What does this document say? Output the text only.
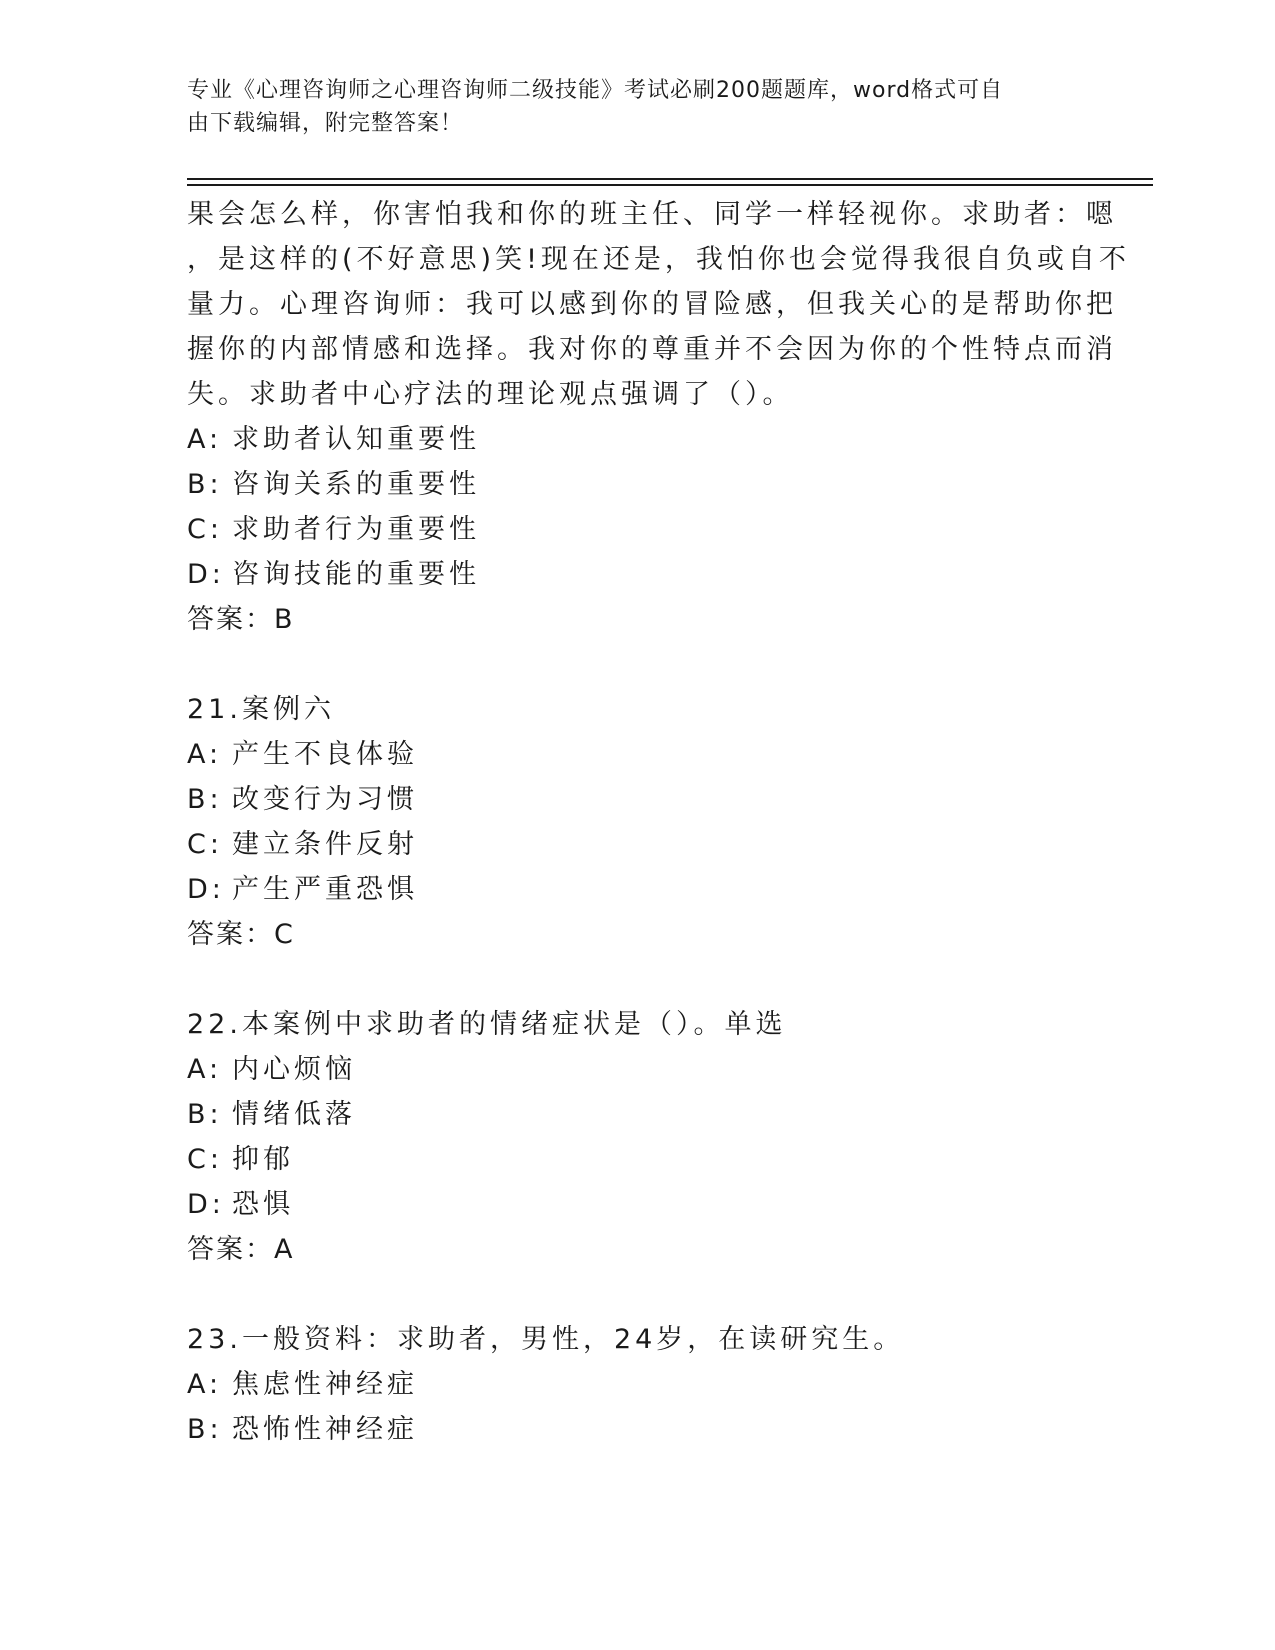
专业《心理咨询师之心理咨询师二级技能》考试必刷200题题库，word格式可自
由下载编辑，附完整答案！
果会怎么样，你害怕我和你的班主任、同学一样轻视你。求助者：嗯
，是这样的(不好意思)笑!现在还是，我怕你也会觉得我很自负或自不
量力。心理咨询师：我可以感到你的冒险感，但我关心的是帮助你把
握你的内部情感和选择。我对你的尊重并不会因为你的个性特点而消
失。求助者中心疗法的理论观点强调了（）。
A: 求助者认知重要性
B: 咨询关系的重要性
C: 求助者行为重要性
D: 咨询技能的重要性
答案：B
21.案例六
A: 产生不良体验
B: 改变行为习惯
C: 建立条件反射
D: 产生严重恐惧
答案：C
22.本案例中求助者的情绪症状是（）。单选
A: 内心烦恼
B: 情绪低落
C: 抑郁
D: 恐惧
答案：A
23.一般资料：求助者，男性，24岁，在读研究生。
A: 焦虑性神经症
B: 恐怖性神经症
